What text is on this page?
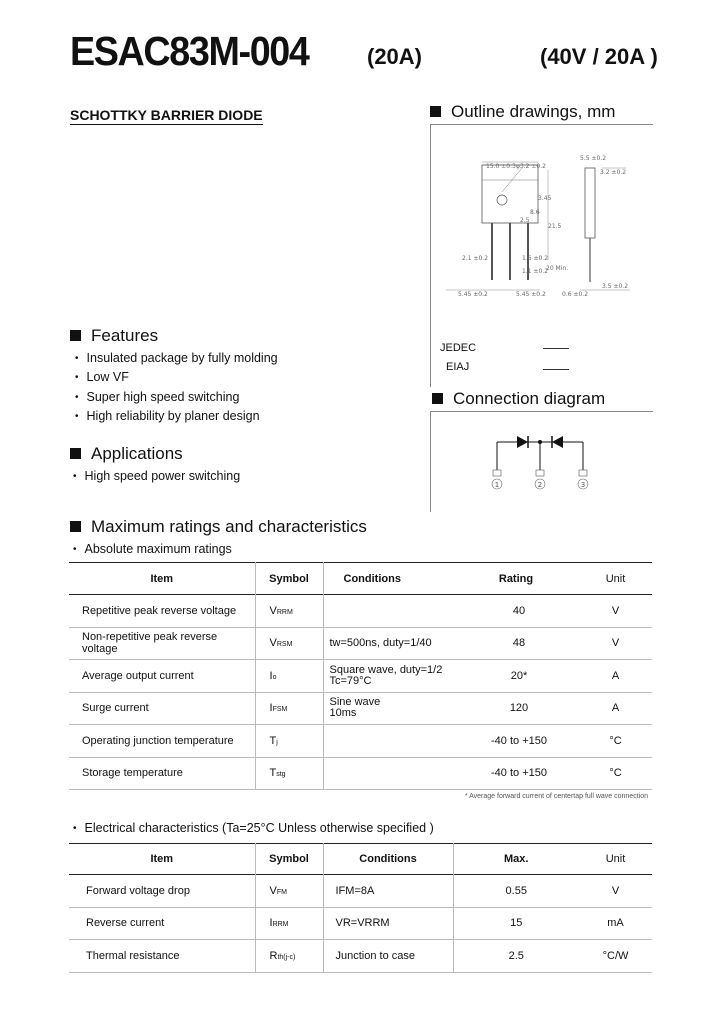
ESAC83M-004	(20A)	(40V / 20A )
SCHOTTKY BARRIER DIODE	Outline drawings, mm
15.0 ±0.3 φ3.2 ±0.2
5.5 ±0.2
3.2 ±0.2
3.45
2.5
21.5
8.6
2.1 ±0.2	1.6 ±0.2
1.1 ±0.2
20 Min.
5.45 ±0.2	5.45 ±0.2	0.6 ±0.2
3.5 ±0.2
JEDEC
EIAJ
Connection diagram
1	2	3
Features
• Insulated package by fully molding
• Low VF
• Super high speed switching
• High reliability by planer design
Applications
• High speed power switching
Maximum ratings and characteristics
• Absolute maximum ratings
Item	Symbol	Conditions	Rating	Unit
Repetitive peak reverse voltage	VRRM		40	V
Non-repetitive peak reverse voltage	VRSM	tw=500ns, duty=1/40	48	V
Average output current	Io	Square wave, duty=1/2
Tc=79°C	20*	A
Surge current	IFSM	Sine wave
10ms	120	A
Operating junction temperature	Tj		-40 to +150	°C
Storage temperature	Tstg		-40 to +150	°C
* Average forward current of centertap full wave connection
• Electrical characteristics (Ta=25°C Unless otherwise specified )
Item	Symbol	Conditions	Max.	Unit
Forward voltage drop	VFM	IFM=8A	0.55	V
Reverse current	IRRM	VR=VRRM	15	mA
Thermal resistance	Rth(j-c)	Junction to case	2.5	°C/W
